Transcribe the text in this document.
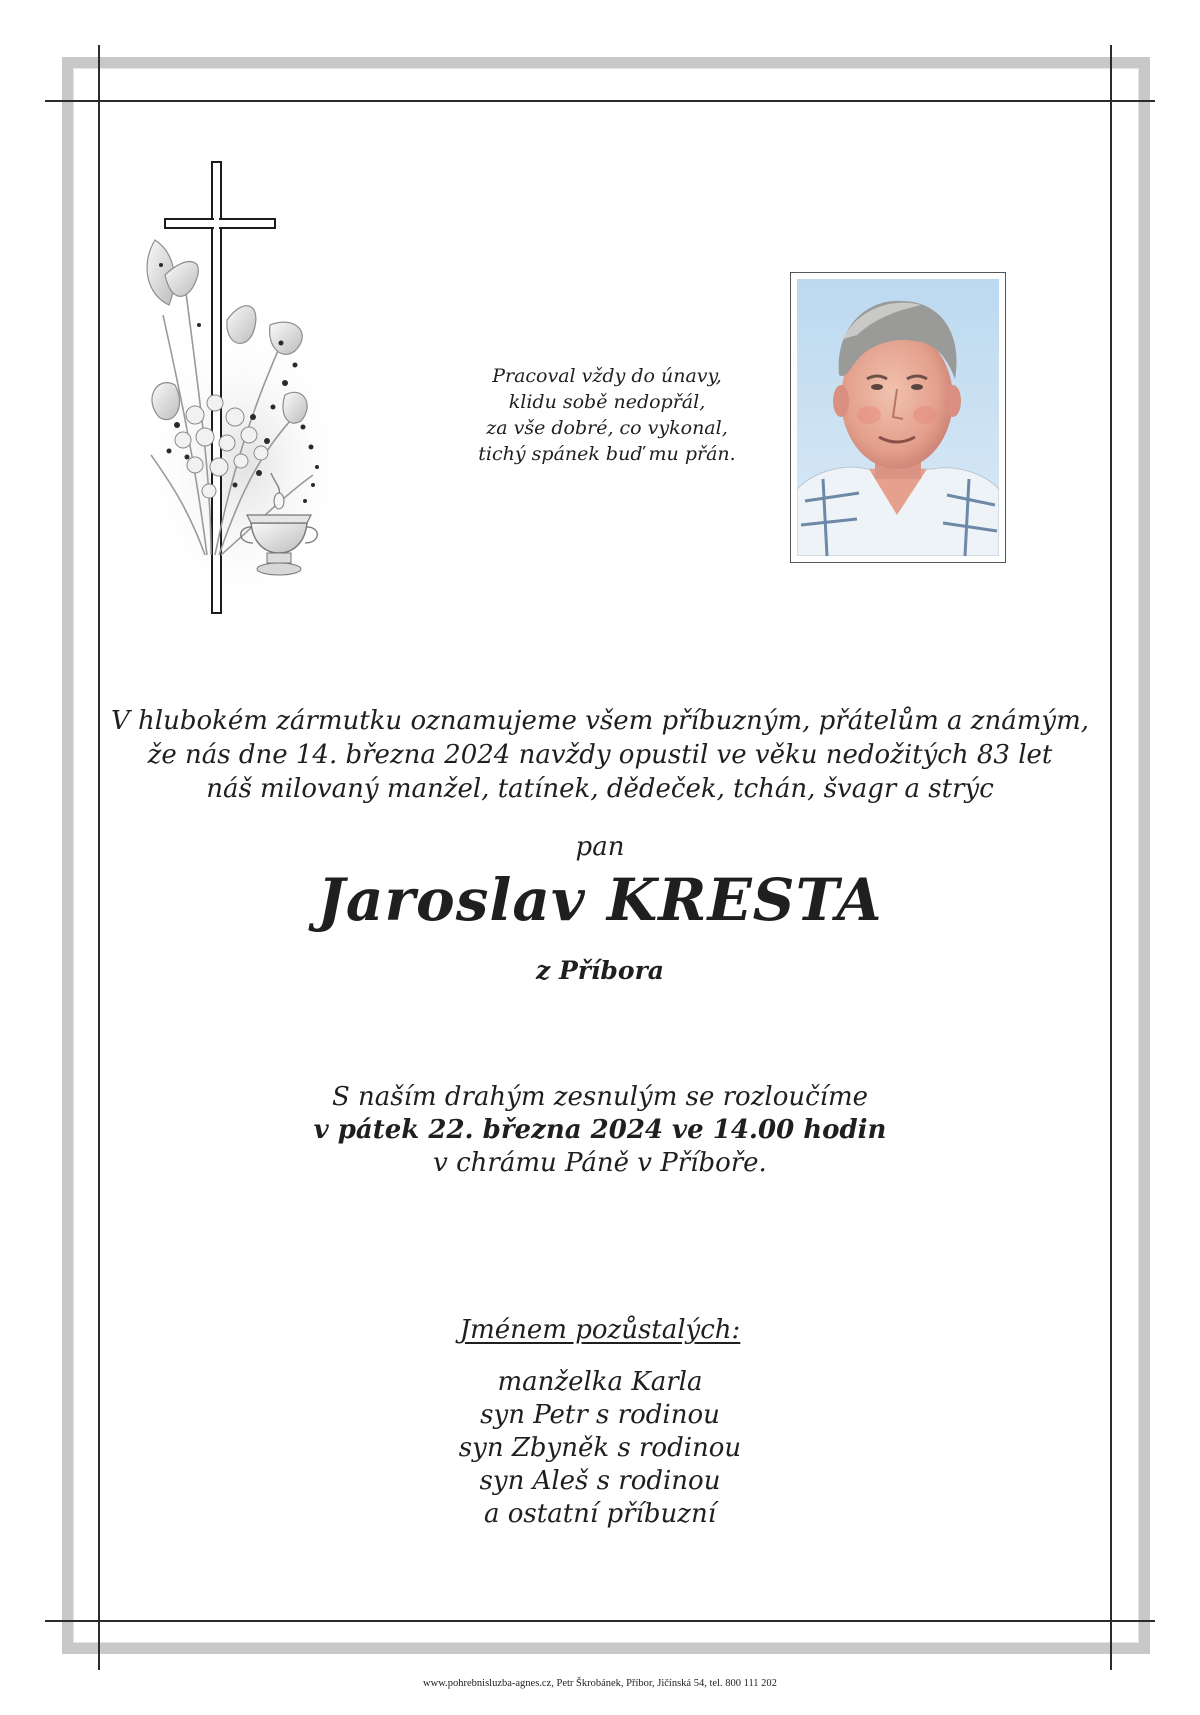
Pracoval vždy do únavy,
klidu sobě nedopřál,
za vše dobré, co vykonal,
tichý spánek buď mu přán.
V hlubokém zármutku oznamujeme všem příbuzným, přátelům a známým,
že nás dne 14. března 2024 navždy opustil ve věku nedožitých 83 let
náš milovaný manžel, tatínek, dědeček, tchán, švagr a strýc
pan
Jaroslav KRESTA
z Příbora
S naším drahým zesnulým se rozloučíme
v pátek 22. března 2024 ve 14.00 hodin
v chrámu Páně v Příboře.
Jménem pozůstalých:
manželka Karla
syn Petr s rodinou
syn Zbyněk s rodinou
syn Aleš s rodinou
a ostatní příbuzní
www.pohrebnisluzba-agnes.cz, Petr Škrobánek, Příbor, Jičínská 54, tel. 800 111 202
